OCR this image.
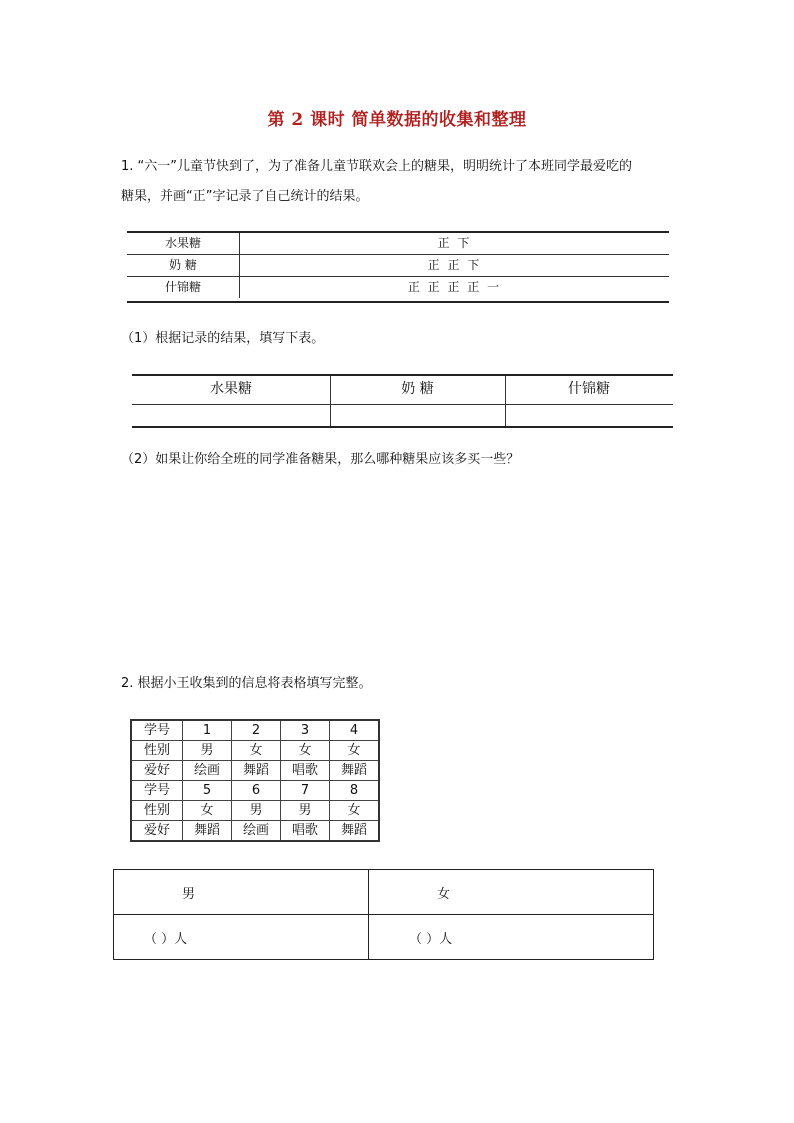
第 2 课时 简单数据的收集和整理
1. “六一”儿童节快到了，为了准备儿童节联欢会上的糖果，明明统计了本班同学最爱吃的
糖果，并画“正”字记录了自己统计的结果。
水果糖	正 下
奶 糖	正 正 下
什锦糖	正 正 正 正 一
（1）根据记录的结果，填写下表。
水果糖	奶 糖	什锦糖
（2）如果让你给全班的同学准备糖果，那么哪种糖果应该多买一些？
2. 根据小王收集到的信息将表格填写完整。
学号	1	2	3	4
性别	男	女	女	女
爱好	绘画	舞蹈	唱歌	舞蹈
学号	5	6	7	8
性别	女	男	男	女
爱好	舞蹈	绘画	唱歌	舞蹈
男	女
（ ）人	（ ）人
